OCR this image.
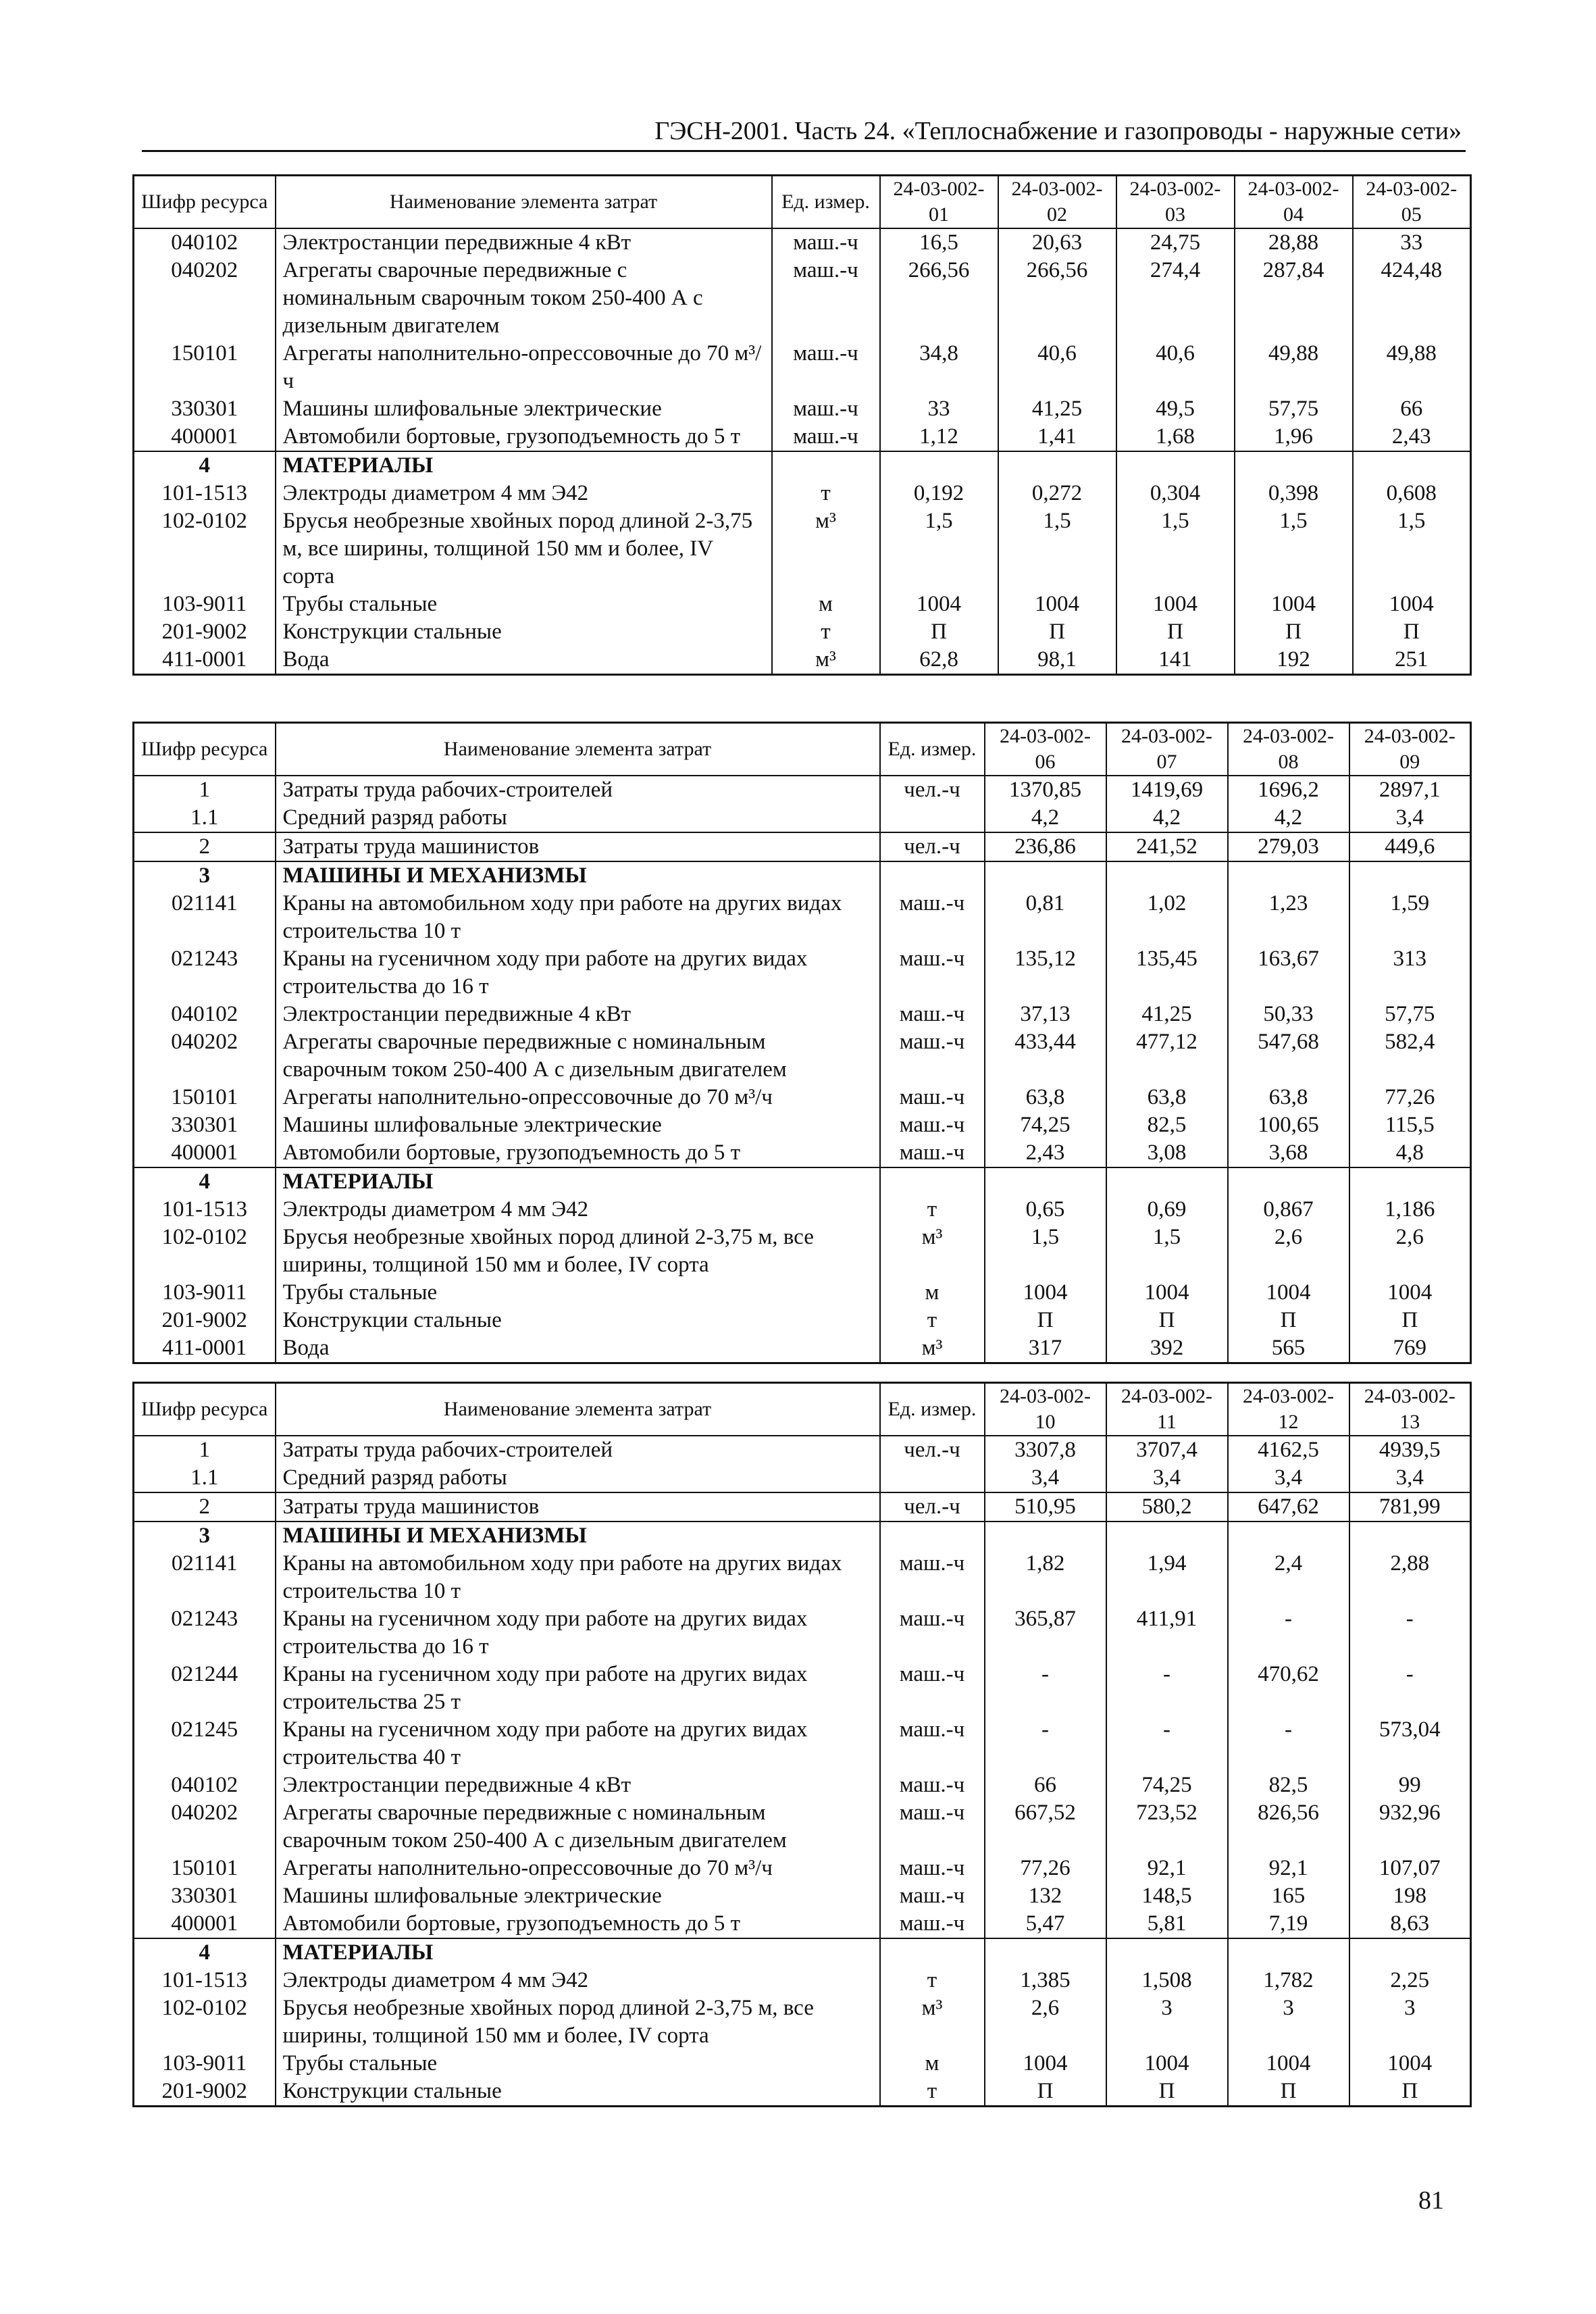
ГЭСН-2001. Часть 24. «Теплоснабжение и газопроводы - наружные сети»
Шифр ресурса	Наименование элемента затрат	Ед. измер.	24-03-002-01	24-03-002-02	24-03-002-03	24-03-002-04	24-03-002-05
040102	Электростанции передвижные 4 кВт	маш.-ч	16,5	20,63	24,75	28,88	33
040202	Агрегаты сварочные передвижные с номинальным сварочным током 250-400 А с дизельным двигателем	маш.-ч	266,56	266,56	274,4	287,84	424,48
150101	Агрегаты наполнительно-опрессовочные до 70 м³/ч	маш.-ч	34,8	40,6	40,6	49,88	49,88
330301	Машины шлифовальные электрические	маш.-ч	33	41,25	49,5	57,75	66
400001	Автомобили бортовые, грузоподъемность до 5 т	маш.-ч	1,12	1,41	1,68	1,96	2,43
4	МАТЕРИАЛЫ						
101-1513	Электроды диаметром 4 мм Э42	т	0,192	0,272	0,304	0,398	0,608
102-0102	Брусья необрезные хвойных пород длиной 2-3,75 м, все ширины, толщиной 150 мм и более, IV сорта	м³	1,5	1,5	1,5	1,5	1,5
103-9011	Трубы стальные	м	1004	1004	1004	1004	1004
201-9002	Конструкции стальные	т	П	П	П	П	П
411-0001	Вода	м³	62,8	98,1	141	192	251
Шифр ресурса	Наименование элемента затрат	Ед. измер.	24-03-002-06	24-03-002-07	24-03-002-08	24-03-002-09
1	Затраты труда рабочих-строителей	чел.-ч	1370,85	1419,69	1696,2	2897,1
1.1	Средний разряд работы		4,2	4,2	4,2	3,4
2	Затраты труда машинистов	чел.-ч	236,86	241,52	279,03	449,6
3	МАШИНЫ И МЕХАНИЗМЫ					
021141	Краны на автомобильном ходу при работе на других видах строительства 10 т	маш.-ч	0,81	1,02	1,23	1,59
021243	Краны на гусеничном ходу при работе на других видах строительства до 16 т	маш.-ч	135,12	135,45	163,67	313
040102	Электростанции передвижные 4 кВт	маш.-ч	37,13	41,25	50,33	57,75
040202	Агрегаты сварочные передвижные с номинальным сварочным током 250-400 А с дизельным двигателем	маш.-ч	433,44	477,12	547,68	582,4
150101	Агрегаты наполнительно-опрессовочные до 70 м³/ч	маш.-ч	63,8	63,8	63,8	77,26
330301	Машины шлифовальные электрические	маш.-ч	74,25	82,5	100,65	115,5
400001	Автомобили бортовые, грузоподъемность до 5 т	маш.-ч	2,43	3,08	3,68	4,8
4	МАТЕРИАЛЫ					
101-1513	Электроды диаметром 4 мм Э42	т	0,65	0,69	0,867	1,186
102-0102	Брусья необрезные хвойных пород длиной 2-3,75 м, все ширины, толщиной 150 мм и более, IV сорта	м³	1,5	1,5	2,6	2,6
103-9011	Трубы стальные	м	1004	1004	1004	1004
201-9002	Конструкции стальные	т	П	П	П	П
411-0001	Вода	м³	317	392	565	769
Шифр ресурса	Наименование элемента затрат	Ед. измер.	24-03-002-10	24-03-002-11	24-03-002-12	24-03-002-13
1	Затраты труда рабочих-строителей	чел.-ч	3307,8	3707,4	4162,5	4939,5
1.1	Средний разряд работы		3,4	3,4	3,4	3,4
2	Затраты труда машинистов	чел.-ч	510,95	580,2	647,62	781,99
3	МАШИНЫ И МЕХАНИЗМЫ					
021141	Краны на автомобильном ходу при работе на других видах строительства 10 т	маш.-ч	1,82	1,94	2,4	2,88
021243	Краны на гусеничном ходу при работе на других видах строительства до 16 т	маш.-ч	365,87	411,91	-	-
021244	Краны на гусеничном ходу при работе на других видах строительства 25 т	маш.-ч	-	-	470,62	-
021245	Краны на гусеничном ходу при работе на других видах строительства 40 т	маш.-ч	-	-	-	573,04
040102	Электростанции передвижные 4 кВт	маш.-ч	66	74,25	82,5	99
040202	Агрегаты сварочные передвижные с номинальным сварочным током 250-400 А с дизельным двигателем	маш.-ч	667,52	723,52	826,56	932,96
150101	Агрегаты наполнительно-опрессовочные до 70 м³/ч	маш.-ч	77,26	92,1	92,1	107,07
330301	Машины шлифовальные электрические	маш.-ч	132	148,5	165	198
400001	Автомобили бортовые, грузоподъемность до 5 т	маш.-ч	5,47	5,81	7,19	8,63
4	МАТЕРИАЛЫ					
101-1513	Электроды диаметром 4 мм Э42	т	1,385	1,508	1,782	2,25
102-0102	Брусья необрезные хвойных пород длиной 2-3,75 м, все ширины, толщиной 150 мм и более, IV сорта	м³	2,6	3	3	3
103-9011	Трубы стальные	м	1004	1004	1004	1004
201-9002	Конструкции стальные	т	П	П	П	П
81
